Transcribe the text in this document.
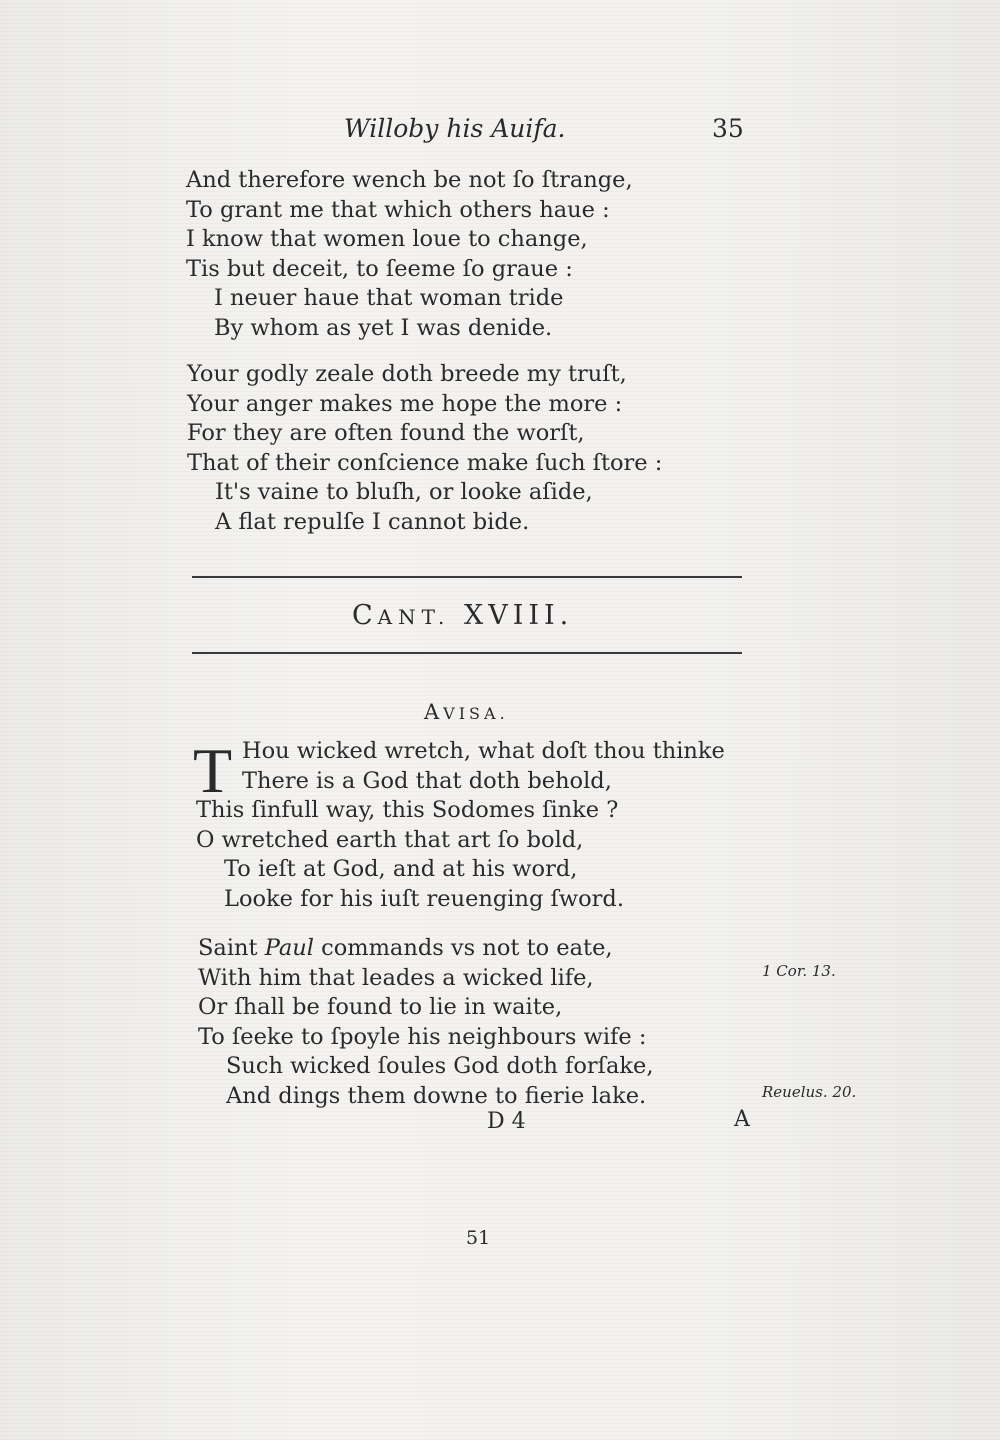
Willoby his Auifa.	35
And therefore wench be not ſo ſtrange,
To grant me that which others haue :
I know that women loue to change,
Tis but deceit, to ſeeme ſo graue :
I neuer haue that woman tride
By whom as yet I was denide.
Your godly zeale doth breede my truſt,
Your anger makes me hope the more :
For they are often found the worſt,
That of their conſcience make ſuch ſtore :
It's vaine to bluſh, or looke aſide,
A flat repulſe I cannot bide.
CANT. XVIII.
AVISA.
T Hou wicked wretch, what doſt thou thinke
There is a God that doth behold,
This ſinfull way, this Sodomes ſinke ?
O wretched earth that art ſo bold,
To ieſt at God, and at his word,
Looke for his iuſt reuenging ſword.
Saint Paul commands vs not to eate,
With him that leades a wicked life,
Or ſhall be found to lie in waite,
To ſeeke to ſpoyle his neighbours wife :
Such wicked ſoules God doth forſake,
And dings them downe to fierie lake.
1 Cor. 13.
Reuelus. 20.
D 4	A
51
